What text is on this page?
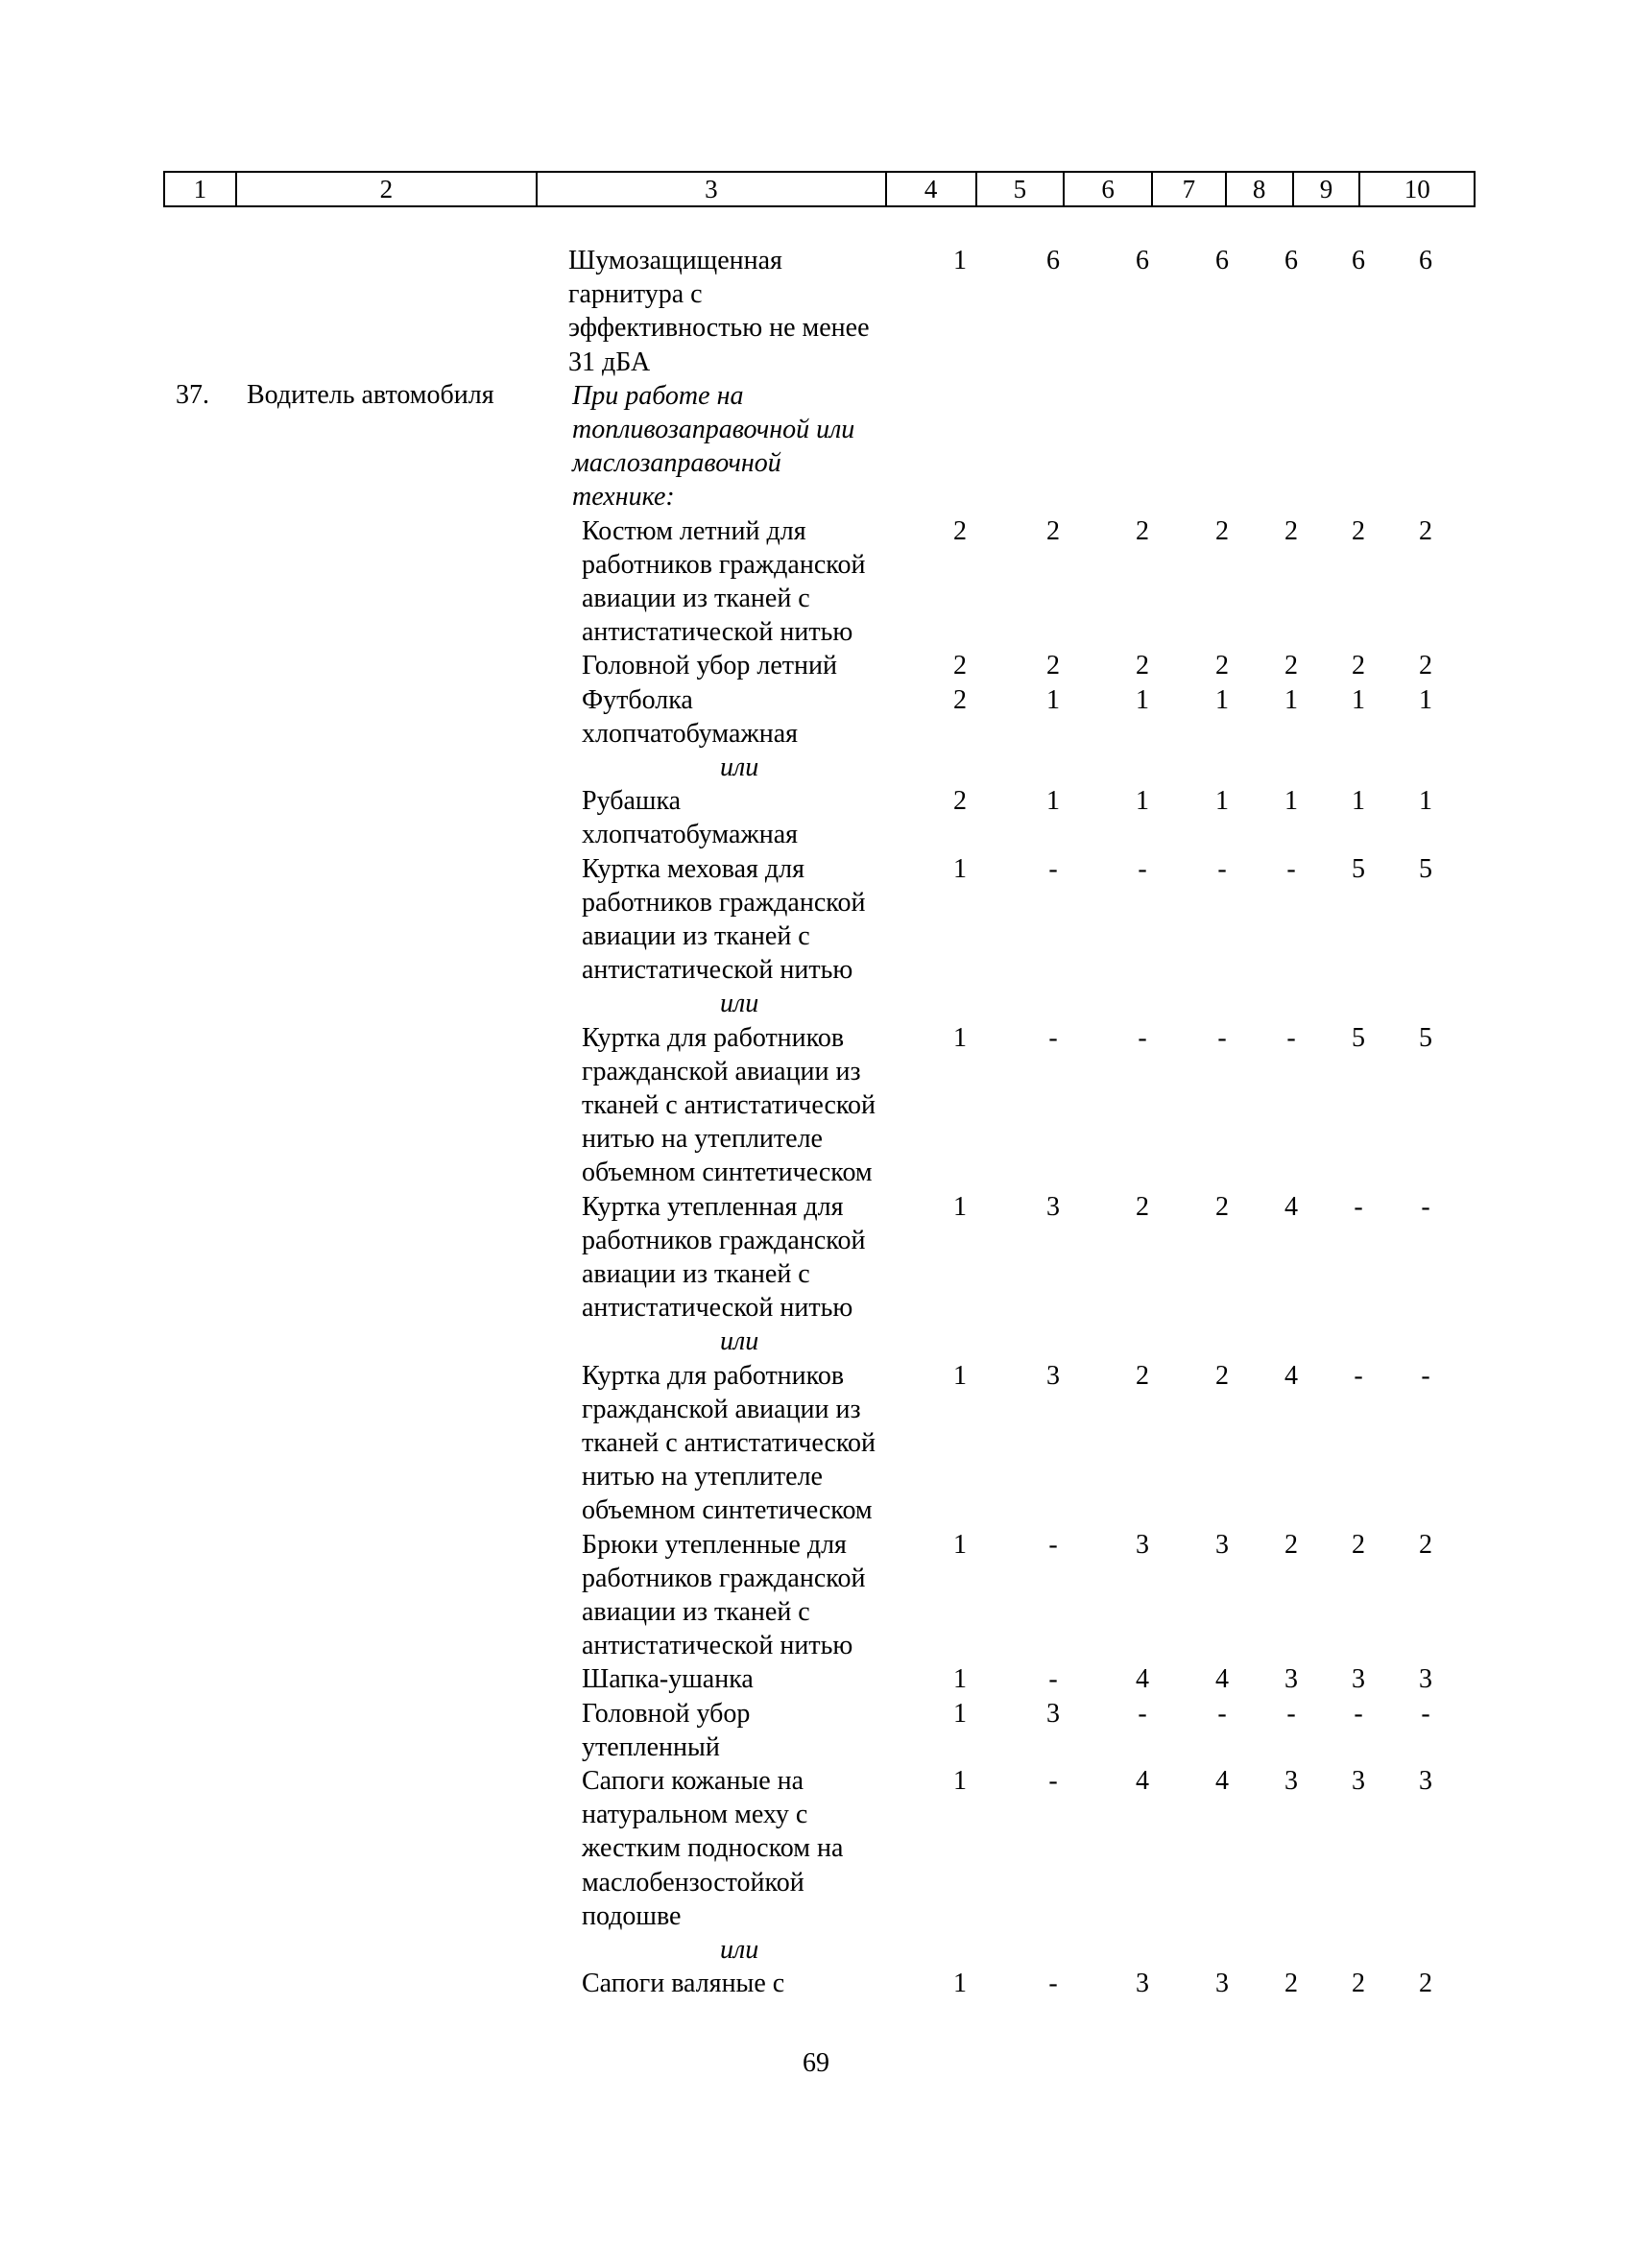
1	2	3	4	5	6	7	8	9	10
37. Водитель автомобиля
Шумозащищенная
гарнитура с
эффективностью не менее
31 дБА
1	6	6	6	6	6	6
При работе на
топливозаправочной или
маслозаправочной
технике:
Костюм летний для
работников гражданской
авиации из тканей с
антистатической нитью
2	2	2	2	2	2	2
Головной убор летний	2	2	2	2	2	2	2
Футболка
хлопчатобумажная
2	1	1	1	1	1	1
или
Рубашка
хлопчатобумажная
2	1	1	1	1	1	1
Куртка меховая для
работников гражданской
авиации из тканей с
антистатической нитью
1	-	-	-	-	5	5
или
Куртка для работников
гражданской авиации из
тканей с антистатической
нитью на утеплителе
объемном синтетическом
1	-	-	-	-	5	5
Куртка утепленная для
работников гражданской
авиации из тканей с
антистатической нитью
1	3	2	2	4	-	-
или
Куртка для работников
гражданской авиации из
тканей с антистатической
нитью на утеплителе
объемном синтетическом
1	3	2	2	4	-	-
Брюки утепленные для
работников гражданской
авиации из тканей с
антистатической нитью
1	-	3	3	2	2	2
Шапка-ушанка	1	-	4	4	3	3	3
Головной убор
утепленный
1	3	-	-	-	-	-
Сапоги кожаные на
натуральном меху с
жестким подноском на
маслобензостойкой
подошве
1	-	4	4	3	3	3
или
Сапоги валяные с	1	-	3	3	2	2	2
69
